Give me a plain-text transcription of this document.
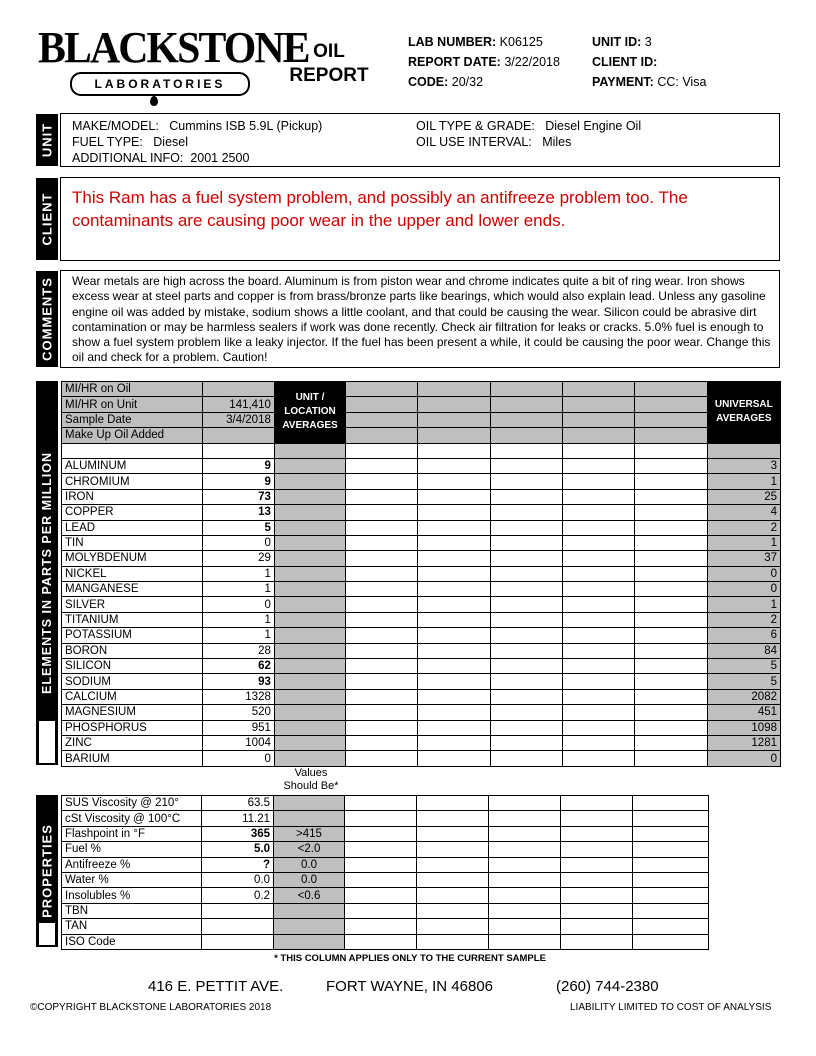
BLACKSTONE
LABORATORIES
OIL
REPORT
LAB NUMBER: K06125
REPORT DATE: 3/22/2018
CODE: 20/32
UNIT ID: 3
CLIENT ID:
PAYMENT: CC: Visa
UNIT MAKE/MODEL: Cummins ISB 5.9L (Pickup)
FUEL TYPE: Diesel
ADDITIONAL INFO: 2001 2500
OIL TYPE & GRADE: Diesel Engine Oil
OIL USE INTERVAL: Miles
CLIENT This Ram has a fuel system problem, and possibly an antifreeze problem too. The contaminants are causing poor wear in the upper and lower ends.
COMMENTS Wear metals are high across the board. Aluminum is from piston wear and chrome indicates quite a bit of ring wear. Iron shows excess wear at steel parts and copper is from brass/bronze parts like bearings, which would also explain lead. Unless any gasoline engine oil was added by mistake, sodium shows a little coolant, and that could be causing the wear. Silicon could be abrasive dirt contamination or may be harmless sealers if work was done recently. Check air filtration for leaks or cracks. 5.0% fuel is enough to show a fuel system problem like a leaky injector. If the fuel has been present a while, it could be causing the poor wear. Change this oil and check for a problem. Caution!
ELEMENTS IN PARTS PER MILLION
MI/HR on Oil		UNIT / LOCATION AVERAGES						UNIVERSAL AVERAGES
MI/HR on Unit	141,410							
Sample Date	3/4/2018							
Make Up Oil Added								

ALUMINUM	9							3
CHROMIUM	9							1
IRON	73							25
COPPER	13							4
LEAD	5							2
TIN	0							1
MOLYBDENUM	29							37
NICKEL	1							0
MANGANESE	1							0
SILVER	0							1
TITANIUM	1							2
POTASSIUM	1							6
BORON	28							84
SILICON	62							5
SODIUM	93							5
CALCIUM	1328							2082
MAGNESIUM	520							451
PHOSPHORUS	951							1098
ZINC	1004							1281
BARIUM	0							0
Values Should Be*
PROPERTIES
SUS Viscosity @ 210°	63.5						
cSt Viscosity @ 100°C	11.21						
Flashpoint in °F	365	>415					
Fuel %	5.0	<2.0					
Antifreeze %	?	0.0					
Water %	0.0	0.0					
Insolubles %	0.2	<0.6					
TBN							
TAN							
ISO Code							
* THIS COLUMN APPLIES ONLY TO THE CURRENT SAMPLE
416 E. PETTIT AVE.	FORT WAYNE, IN 46806	(260) 744-2380
©COPYRIGHT BLACKSTONE LABORATORIES 2018	LIABILITY LIMITED TO COST OF ANALYSIS
